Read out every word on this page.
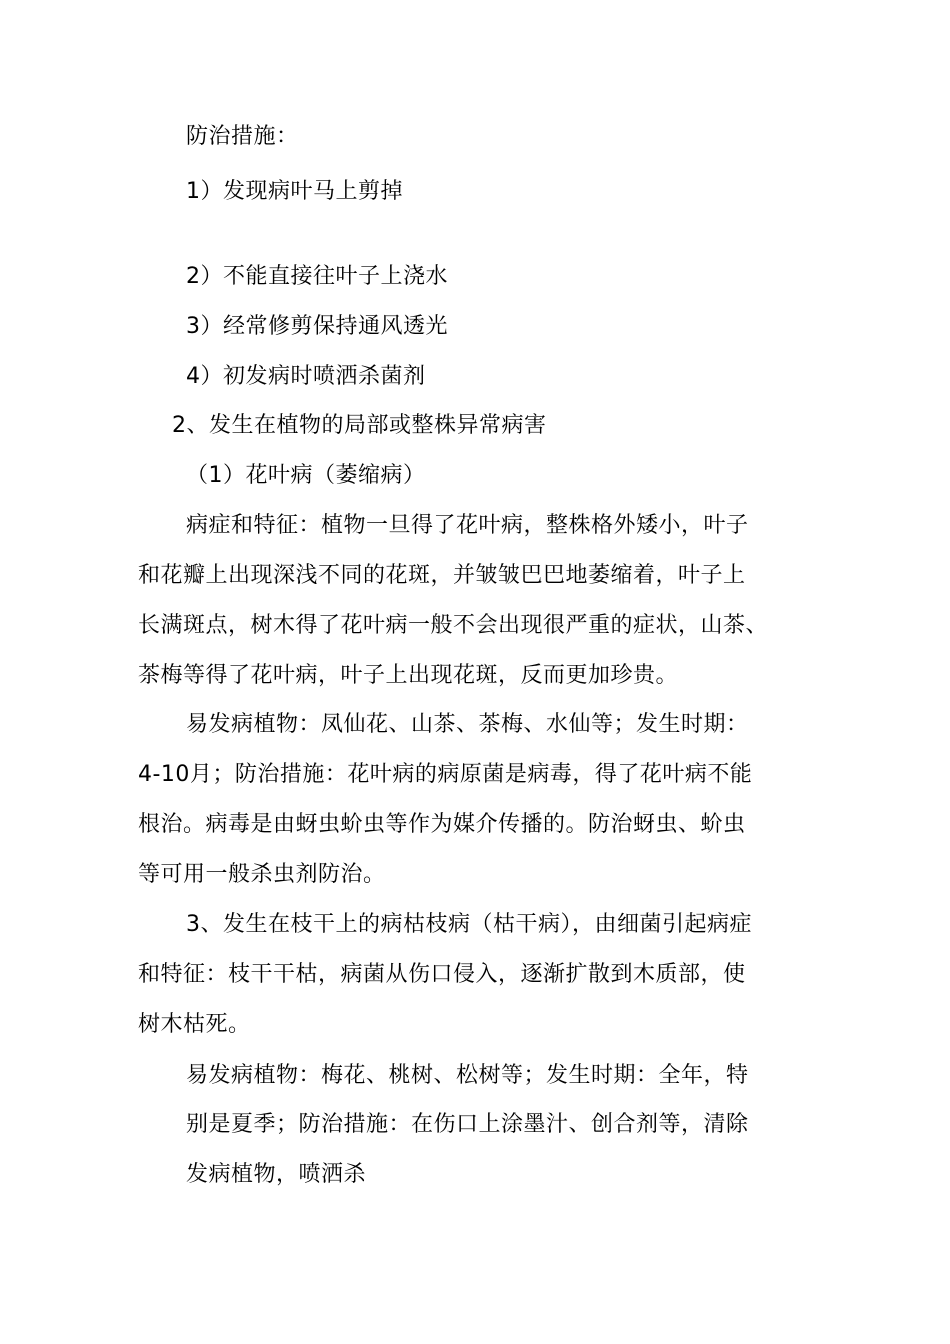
防治措施：
1）发现病叶马上剪掉
2）不能直接往叶子上浇水
3）经常修剪保持通风透光
4）初发病时喷洒杀菌剂
2、发生在植物的局部或整株异常病害
（1）花叶病（萎缩病）
病症和特征：植物一旦得了花叶病，整株格外矮小，叶子
和花瓣上出现深浅不同的花斑，并皱皱巴巴地萎缩着，叶子上
长满斑点，树木得了花叶病一般不会出现很严重的症状，山茶、
茶梅等得了花叶病，叶子上出现花斑，反而更加珍贵。
易发病植物：凤仙花、山茶、茶梅、水仙等；发生时期：
4-10月；防治措施：花叶病的病原菌是病毒，得了花叶病不能
根治。病毒是由蚜虫蚧虫等作为媒介传播的。防治蚜虫、蚧虫
等可用一般杀虫剂防治。
3、发生在枝干上的病枯枝病（枯干病），由细菌引起病症
和特征：枝干干枯，病菌从伤口侵入，逐渐扩散到木质部，使
树木枯死。
易发病植物：梅花、桃树、松树等；发生时期：全年，特
别是夏季；防治措施：在伤口上涂墨汁、创合剂等，清除
发病植物，喷洒杀
